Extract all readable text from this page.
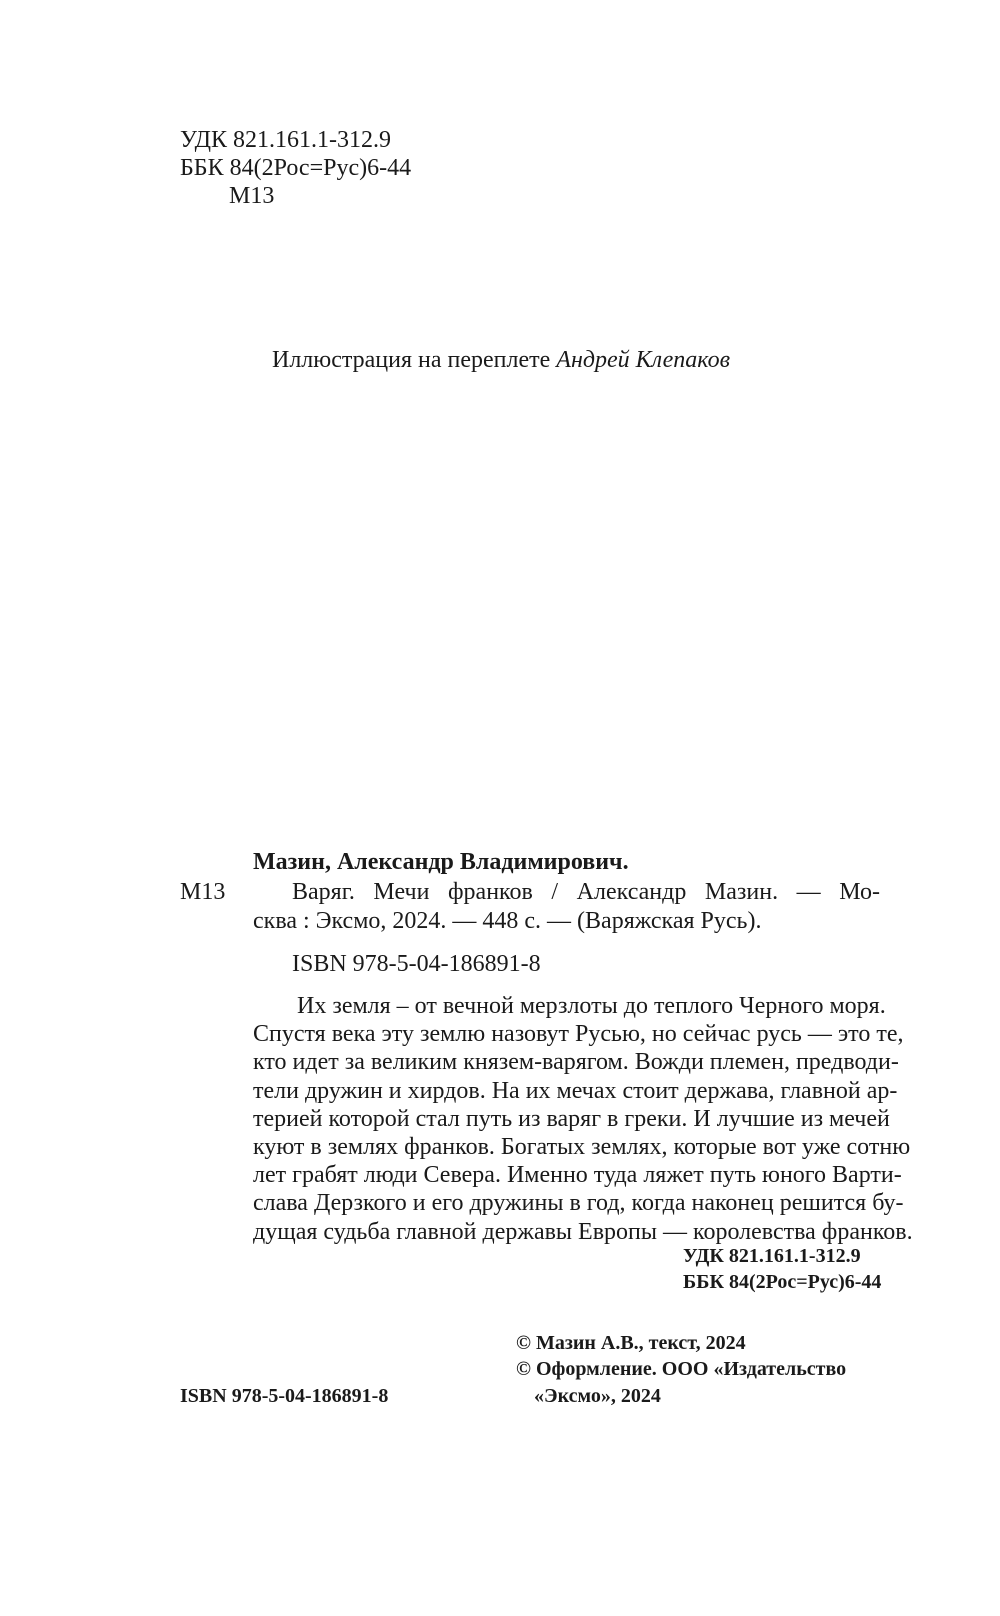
УДК 821.161.1-312.9
ББК 84(2Рос=Рус)6-44
М13
Иллюстрация на переплете Андрей Клепаков
Мазин, Александр Владимирович.
М13	Варяг. Мечи франков / Александр Мазин. — Мо-
сква : Эксмо, 2024. — 448 с. — (Варяжская Русь).
ISBN 978-5-04-186891-8
Их земля – от вечной мерзлоты до теплого Черного моря.
Спустя века эту землю назовут Русью, но сейчас русь — это те,
кто идет за великим князем-варягом. Вожди племен, предводи-
тели дружин и хирдов. На их мечах стоит держава, главной ар-
терией которой стал путь из варяг в греки. И лучшие из мечей
куют в землях франков. Богатых землях, которые вот уже сотню
лет грабят люди Севера. Именно туда ляжет путь юного Варти-
слава Дерзкого и его дружины в год, когда наконец решится бу-
дущая судьба главной державы Европы — королевства франков.
УДК 821.161.1-312.9
ББК 84(2Рос=Рус)6-44
© Мазин А.В., текст, 2024
© Оформление. ООО «Издательство
ISBN 978-5-04-186891-8	«Эксмо», 2024
